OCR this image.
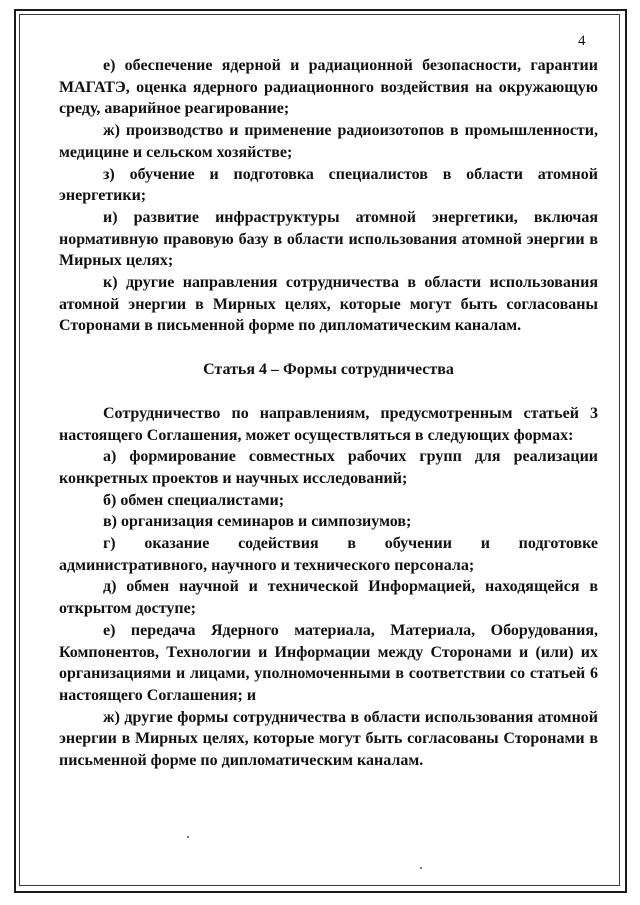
4

е) обеспечение ядерной и радиационной безопасности, гарантии МАГАТЭ, оценка ядерного радиационного воздействия на окружающую среду, аварийное реагирование;

ж) производство и применение радиоизотопов в промышленности, медицине и сельском хозяйстве;

з) обучение и подготовка специалистов в области атомной энергетики;

и) развитие инфраструктуры атомной энергетики, включая нормативную правовую базу в области использования атомной энергии в Мирных целях;

к) другие направления сотрудничества в области использования атомной энергии в Мирных целях, которые могут быть согласованы Сторонами в письменной форме по дипломатическим каналам.

Статья 4 – Формы сотрудничества

Сотрудничество по направлениям, предусмотренным статьей 3 настоящего Соглашения, может осуществляться в следующих формах:

а) формирование совместных рабочих групп для реализации конкретных проектов и научных исследований;

б) обмен специалистами;

в) организация семинаров и симпозиумов;

г) оказание содействия в обучении и подготовке административного, научного и технического персонала;

д) обмен научной и технической Информацией, находящейся в открытом доступе;

е) передача Ядерного материала, Материала, Оборудования, Компонентов, Технологии и Информации между Сторонами и (или) их организациями и лицами, уполномоченными в соответствии со статьей 6 настоящего Соглашения; и

ж) другие формы сотрудничества в области использования атомной энергии в Мирных целях, которые могут быть согласованы Сторонами в письменной форме по дипломатическим каналам.
